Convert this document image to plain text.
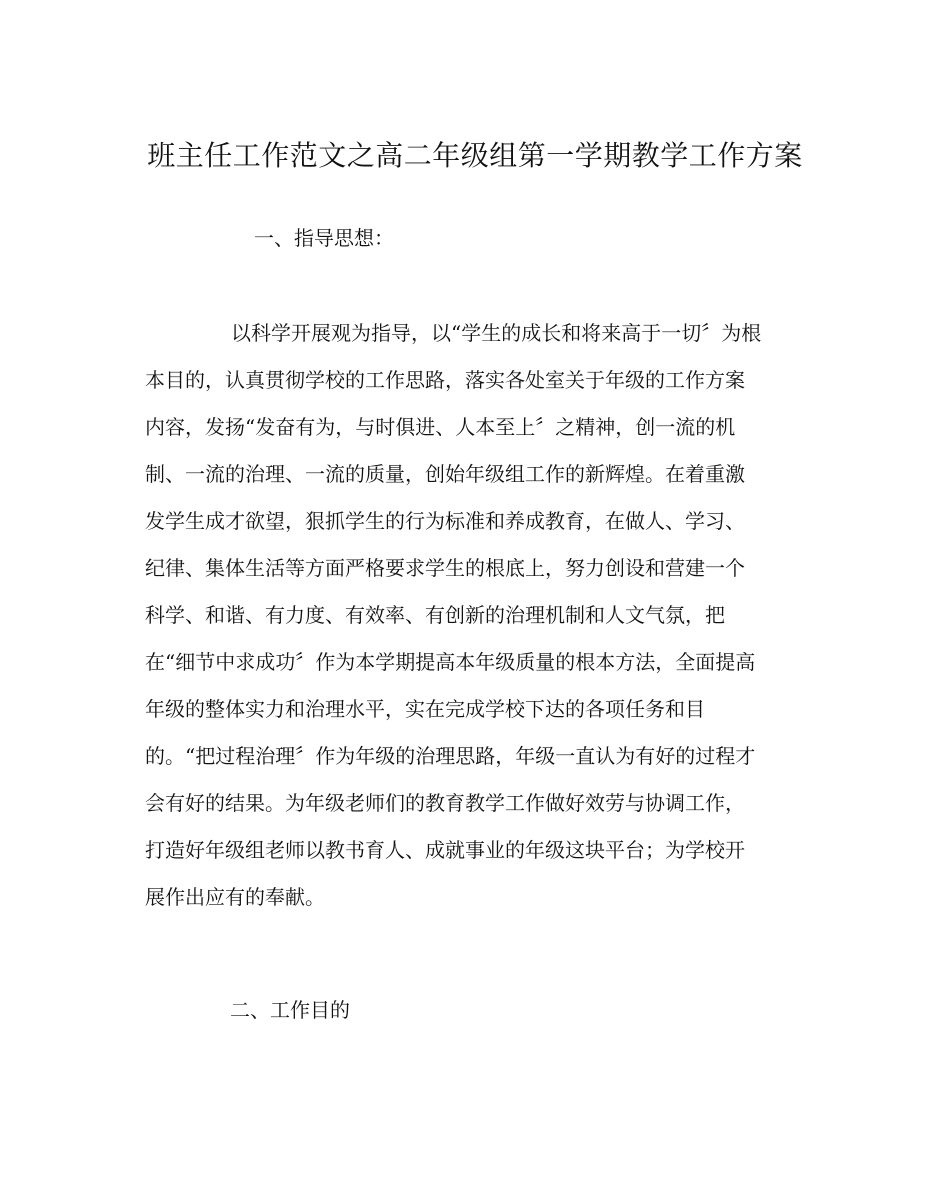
班主任工作范文之高二年级组第一学期教学工作方案
一、指导思想：
以科学开展观为指导，以“学生的成长和将来高于一切〞为根
本目的，认真贯彻学校的工作思路，落实各处室关于年级的工作方案
内容，发扬“发奋有为，与时俱进、人本至上〞之精神，创一流的机
制、一流的治理、一流的质量，创始年级组工作的新辉煌。在着重激
发学生成才欲望，狠抓学生的行为标准和养成教育，在做人、学习、
纪律、集体生活等方面严格要求学生的根底上，努力创设和营建一个
科学、和谐、有力度、有效率、有创新的治理机制和人文气氛，把
在“细节中求成功〞作为本学期提高本年级质量的根本方法，全面提高
年级的整体实力和治理水平，实在完成学校下达的各项任务和目
的。“把过程治理〞作为年级的治理思路，年级一直认为有好的过程才
会有好的结果。为年级老师们的教育教学工作做好效劳与协调工作，
打造好年级组老师以教书育人、成就事业的年级这块平台；为学校开
展作出应有的奉献。
二、工作目的
